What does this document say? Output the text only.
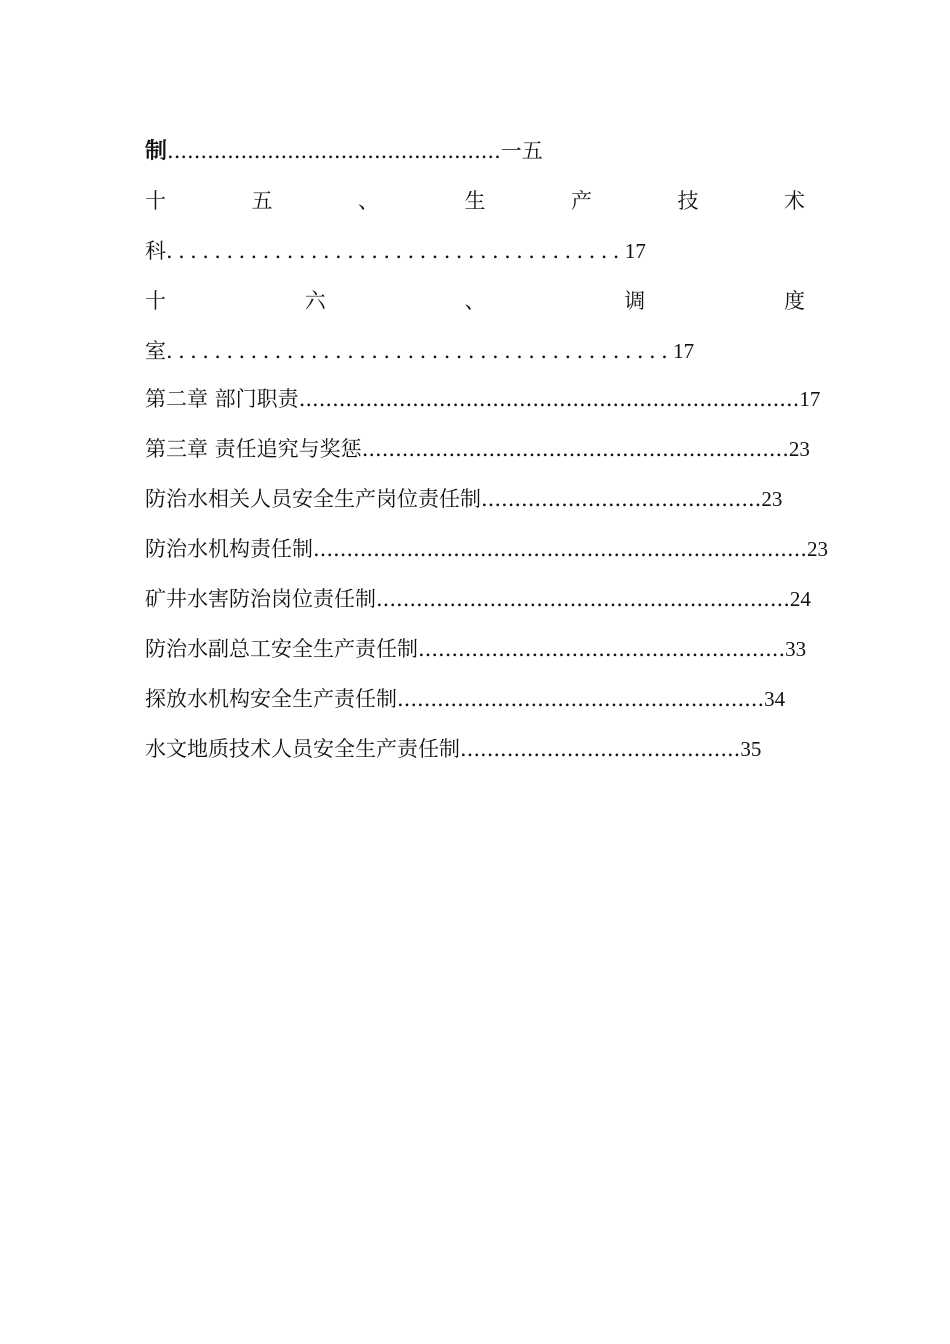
制..................................................一五
十	五	、	生	产	技	术
科......................................17
十	六	、	调	度
室..........................................17
第二章 部门职责...........................................................................17
第三章 责任追究与奖惩................................................................23
防治水相关人员安全生产岗位责任制..........................................23
防治水机构责任制..........................................................................23
矿井水害防治岗位责任制..............................................................24
防治水副总工安全生产责任制.......................................................33
探放水机构安全生产责任制.......................................................34
水文地质技术人员安全生产责任制..........................................35
